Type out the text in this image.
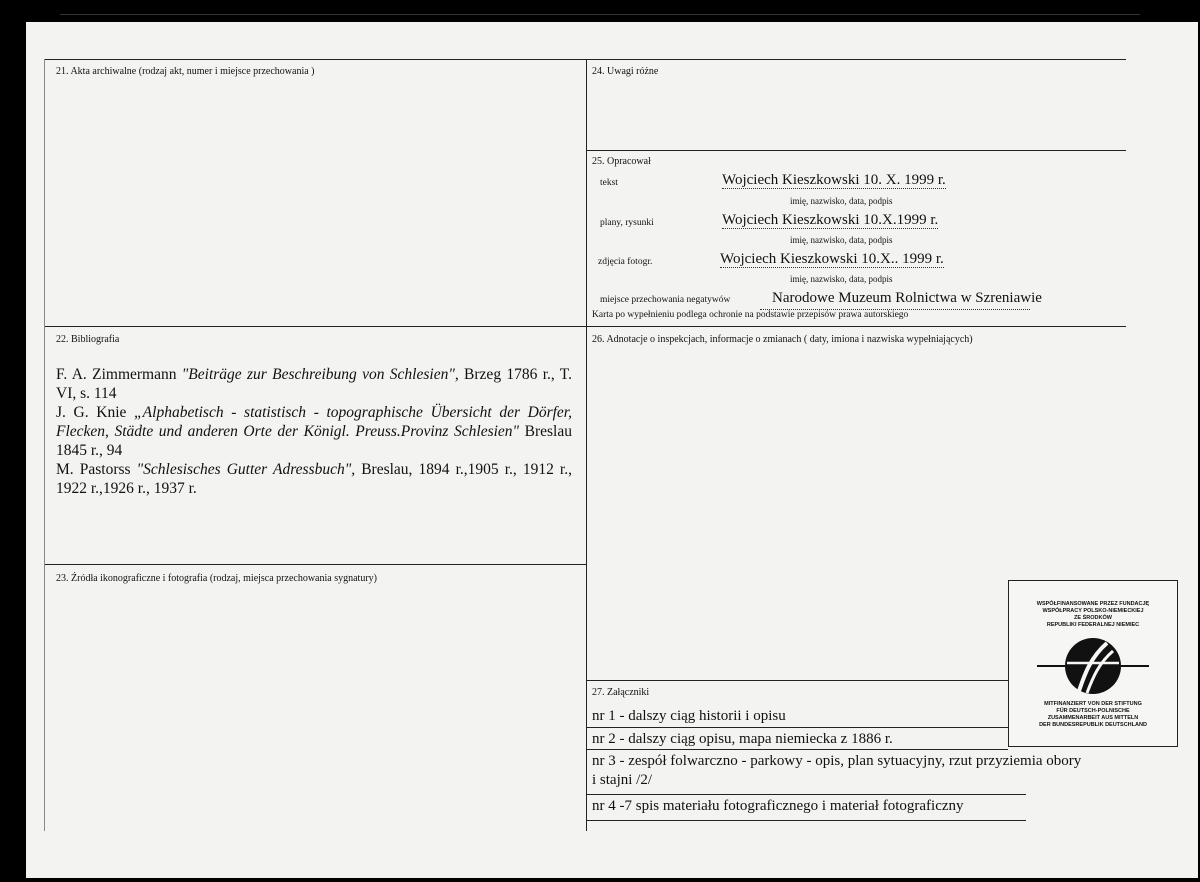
21. Akta archiwalne (rodzaj akt, numer i miejsce przechowania )	24. Uwagi różne
25. Opracował
22. Bibliografia	26. Adnotacje o inspekcjach, informacje o zmianach ( daty, imiona i nazwiska wypełniających)
23. Źródła ikonograficzne i fotografia (rodzaj, miejsca przechowania sygnatury)
27. Załączniki
tekst	Wojciech Kieszkowski 10. X. 1999 r.
imię, nazwisko, data, podpis
plany, rysunki	Wojciech Kieszkowski 10.X.1999 r.
imię, nazwisko, data, podpis
zdjęcia fotogr.	Wojciech Kieszkowski 10.X.. 1999 r.
imię, nazwisko, data, podpis
miejsce przechowania negatywów	Narodowe Muzeum Rolnictwa w Szreniawie
Karta po wypełnieniu podlega ochronie na podstawie przepisów prawa autorskiego

F. A. Zimmermann "Beiträge zur Beschreibung von Schlesien", Brzeg 1786 r., T. VI, s. 114

J. G. Knie „Alphabetisch - statistisch - topographische Übersicht der Dörfer, Flecken, Städte und anderen Orte der Königl. Preuss.Provinz Schlesien" Breslau 1845 r., 94

M. Pastorss "Schlesisches Gutter Adressbuch", Breslau, 1894 r.,1905 r., 1912 r., 1922 r.,1926 r., 1937 r.

nr 1 - dalszy ciąg historii i opisu
nr 2 - dalszy ciąg opisu, mapa niemiecka z 1886 r.
nr 3 - zespół folwarczno - parkowy - opis, plan sytuacyjny, rzut przyziemia obory
i stajni /2/
nr 4 -7 spis materiału fotograficznego i materiał fotograficzny
WSPÓŁFINANSOWANE PRZEZ FUNDACJĘ
WSPÓŁPRACY POLSKO-NIEMIECKIEJ
ZE ŚRODKÓW
REPUBLIKI FEDERALNEJ NIEMIEC
MITFINANZIERT VON DER STIFTUNG
FÜR DEUTSCH-POLNISCHE
ZUSAMMENARBEIT AUS MITTELN
DER BUNDESREPUBLIK DEUTSCHLAND
